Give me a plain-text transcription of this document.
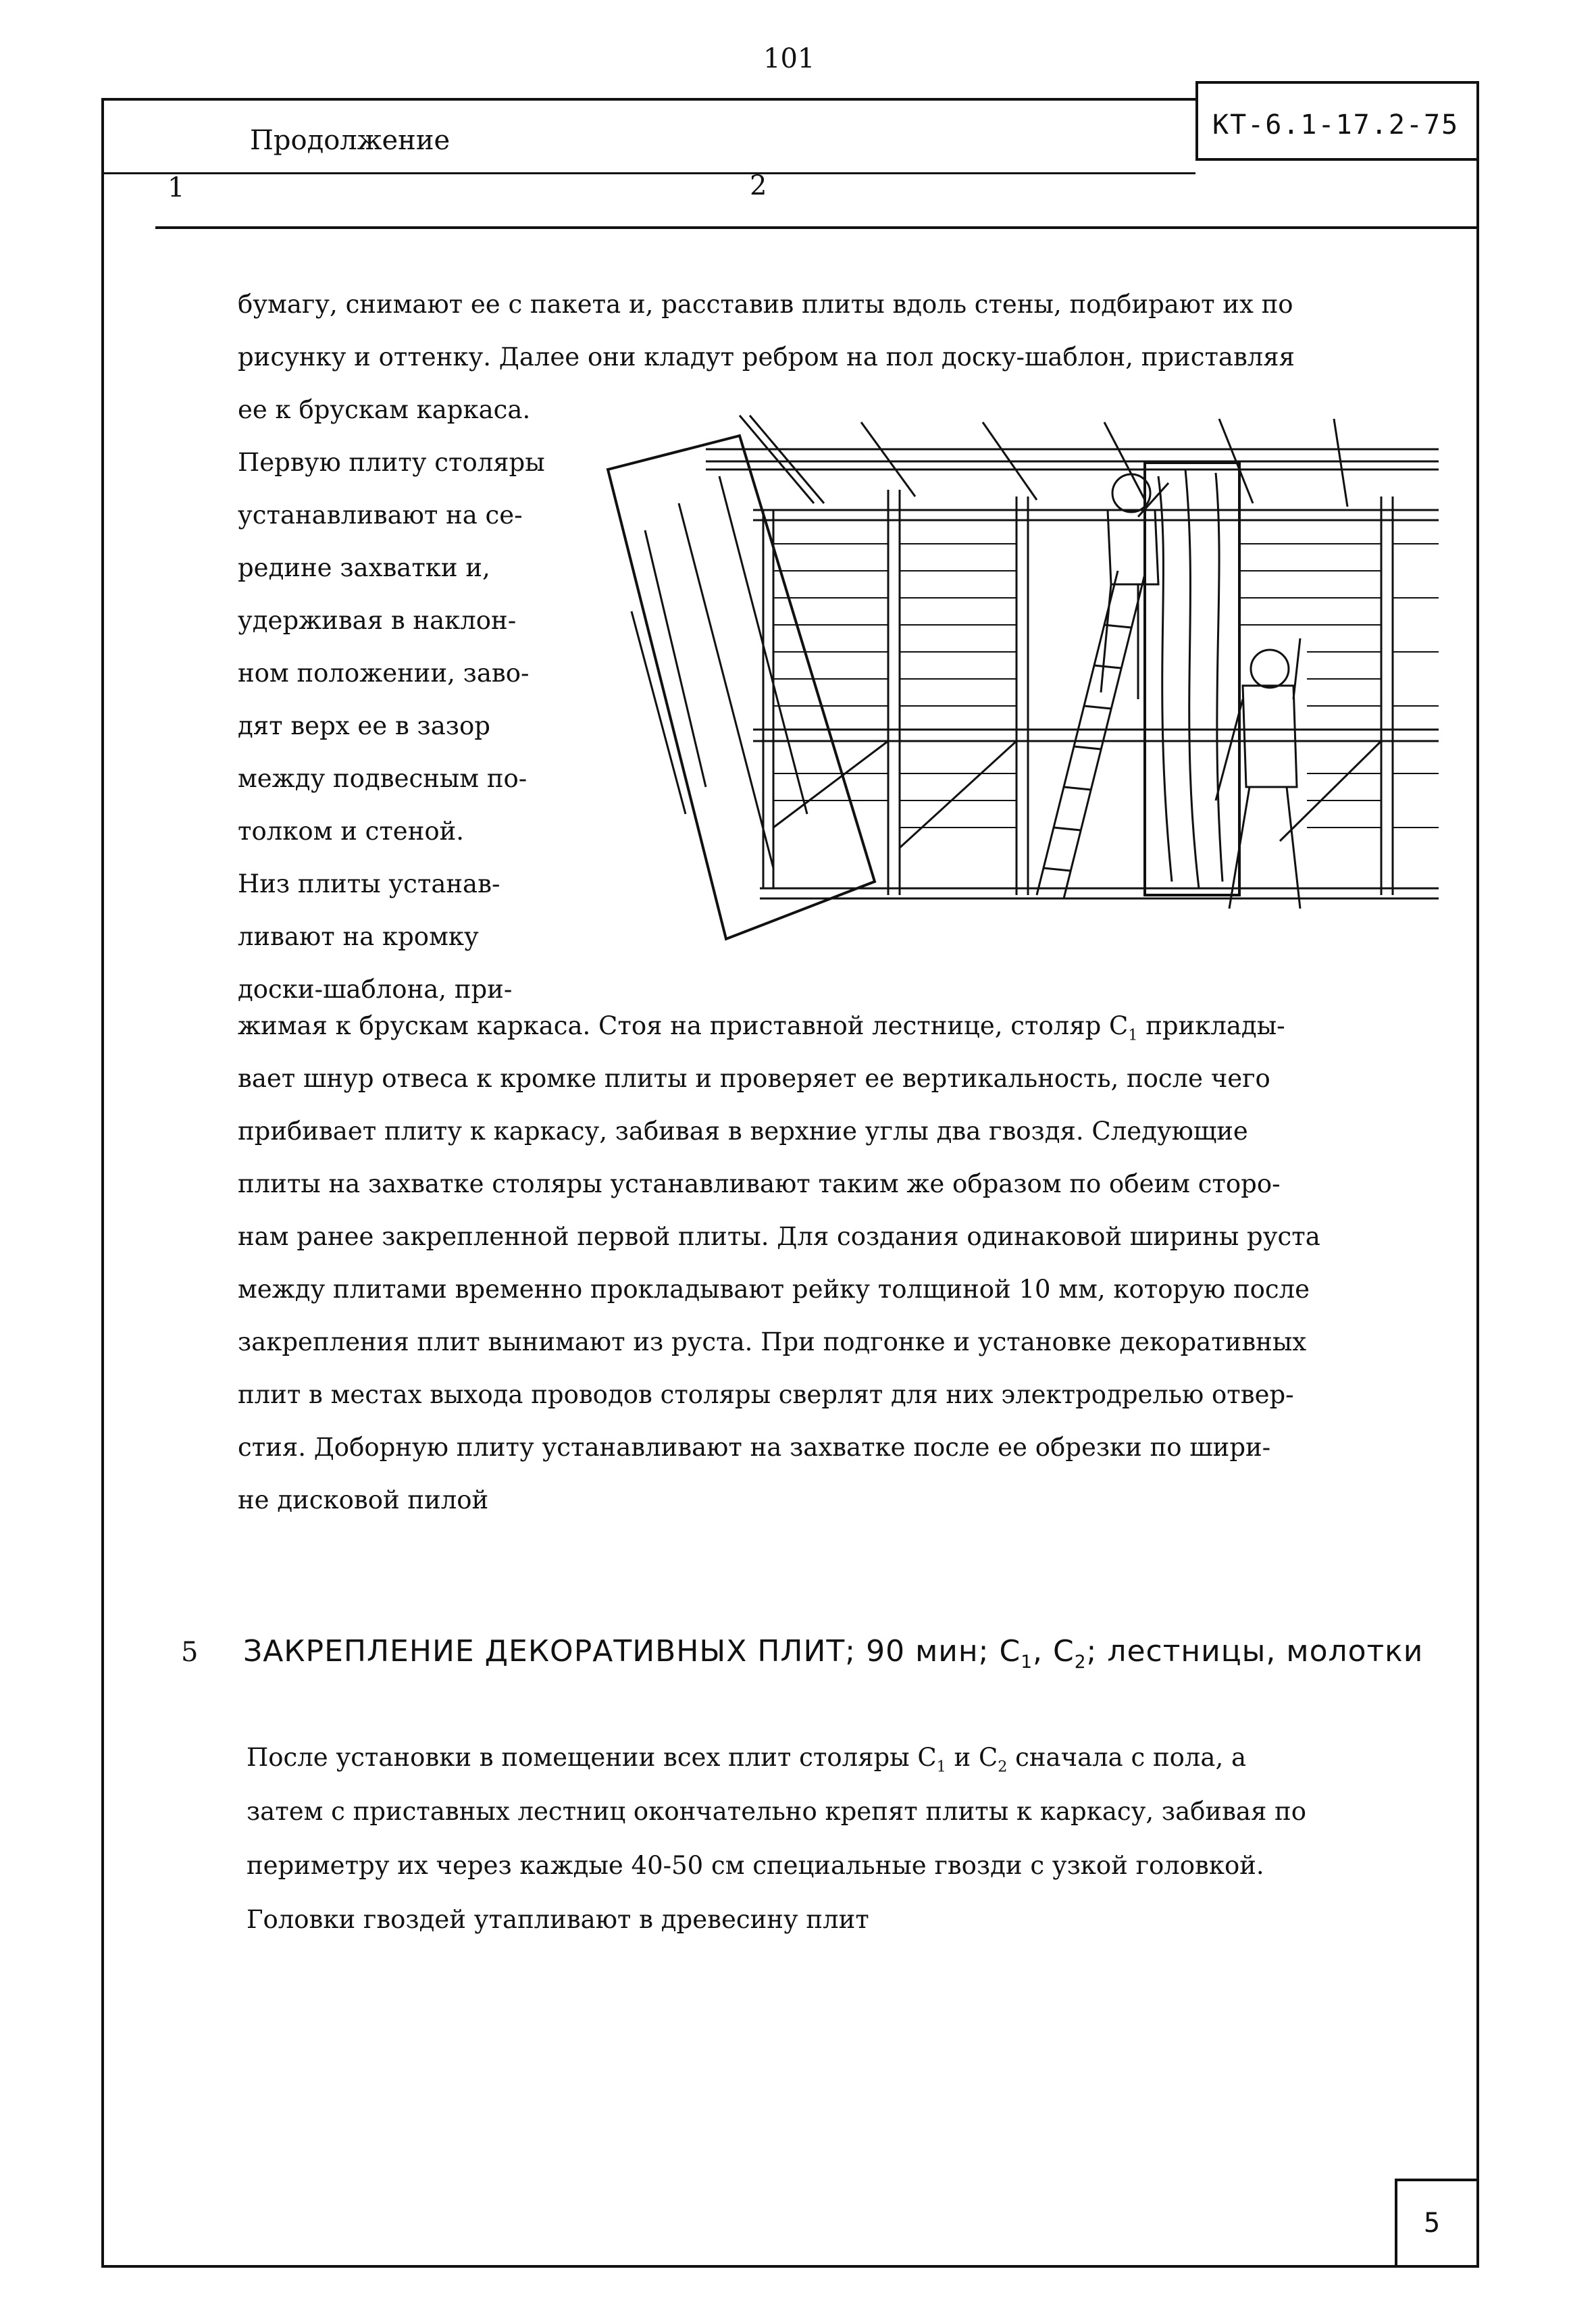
101
КТ-6.1-17.2-75
Продолжение
1	2
бумагу, снимают ее с пакета и, расставив плиты вдоль стены, подбирают их по
рисунку и оттенку. Далее они кладут ребром на пол доску-шаблон, приставляя
ее к брускам каркаса.
Первую плиту столяры
устанавливают на се-
редине захватки и,
удерживая в наклон-
ном положении, заво-
дят верх ее в зазор
между подвесным по-
толком и стеной.
Низ плиты устанав-
ливают на кромку
доски-шаблона, при-
жимая к брускам каркаса. Стоя на приставной лестнице, столяр $С_1$ приклады-
вает шнур отвеса к кромке плиты и проверяет ее вертикальность, после чего
прибивает плиту к каркасу, забивая в верхние углы два гвоздя. Следующие
плиты на захватке столяры устанавливают таким же образом по обеим сторо-
нам ранее закрепленной первой плиты. Для создания одинаковой ширины руста
между плитами временно прокладывают рейку толщиной 10 мм, которую после
закрепления плит вынимают из руста. При подгонке и установке декоративных
плит в местах выхода проводов столяры сверлят для них электродрелью отвер-
стия. Доборную плиту устанавливают на захватке после ее обрезки по шири-
не дисковой пилой
5 ЗАКРЕПЛЕНИЕ ДЕКОРАТИВНЫХ ПЛИТ; 90 мин; $С_1$, $С_2$; лестницы, молотки
После установки в помещении всех плит столяры $С_1$ и $С_2$ сначала с пола, а
затем с приставных лестниц окончательно крепят плиты к каркасу, забивая по
периметру их через каждые 40-50 см специальные гвозди с узкой головкой.
Головки гвоздей утапливают в древесину плит
5
